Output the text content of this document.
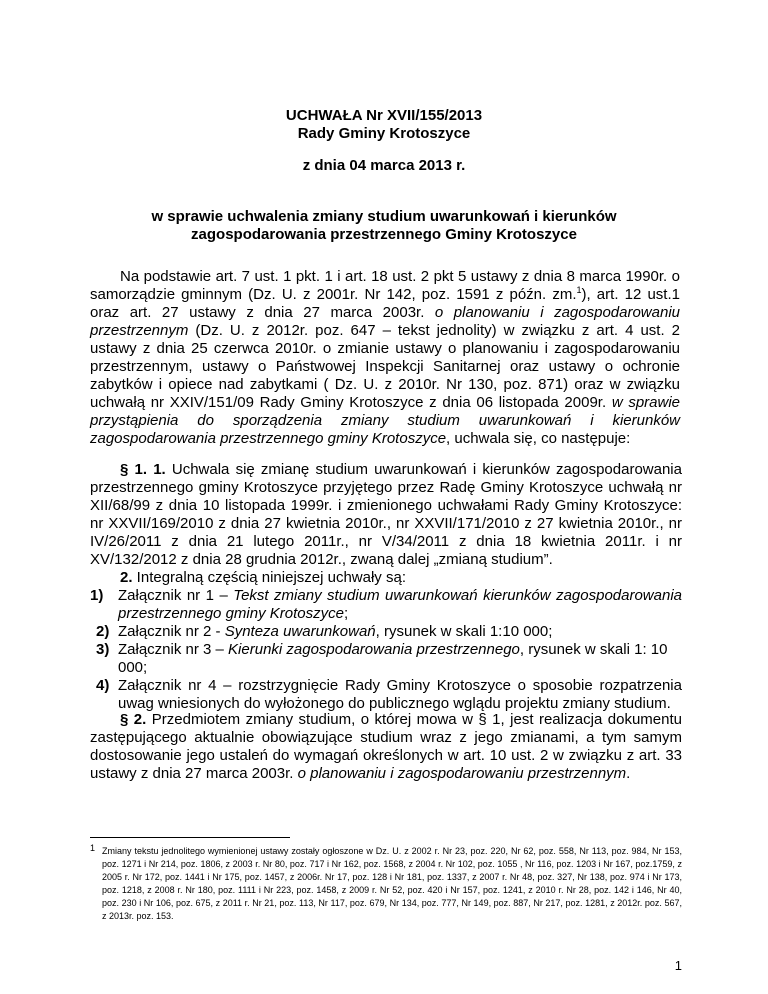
UCHWAŁA Nr XVII/155/2013
Rady Gminy Krotoszyce
z dnia 04 marca 2013 r.
w sprawie uchwalenia zmiany studium uwarunkowań i kierunków
zagospodarowania przestrzennego Gminy Krotoszyce
Na podstawie art. 7 ust. 1 pkt. 1 i art. 18 ust. 2 pkt 5 ustawy z dnia 8 marca 1990r. o samorządzie gminnym (Dz. U. z 2001r. Nr 142, poz. 1591 z późn. zm.$^1$), art. 12 ust.1 oraz art. 27 ustawy z dnia 27 marca 2003r. o planowaniu i zagospodarowaniu przestrzennym (Dz. U. z 2012r. poz. 647 – tekst jednolity) w związku z art. 4 ust. 2 ustawy z dnia 25 czerwca 2010r. o zmianie ustawy o planowaniu i zagospodarowaniu przestrzennym, ustawy o Państwowej Inspekcji Sanitarnej oraz ustawy o ochronie zabytków i opiece nad zabytkami ( Dz. U. z 2010r. Nr 130, poz. 871) oraz w związku uchwałą nr XXIV/151/09 Rady Gminy Krotoszyce z dnia 06 listopada 2009r. w sprawie przystąpienia do sporządzenia zmiany studium uwarunkowań i kierunków zagospodarowania przestrzennego gminy Krotoszyce, uchwala się, co następuje:
§ 1. 1. Uchwala się zmianę studium uwarunkowań i kierunków zagospodarowania przestrzennego gminy Krotoszyce przyjętego przez Radę Gminy Krotoszyce uchwałą nr XII/68/99 z dnia 10 listopada 1999r. i zmienionego uchwałami Rady Gminy Krotoszyce: nr XXVII/169/2010 z dnia 27 kwietnia 2010r., nr XXVII/171/2010 z 27 kwietnia 2010r., nr IV/26/2011 z dnia 21 lutego 2011r., nr V/34/2011 z dnia 18 kwietnia 2011r. i nr XV/132/2012 z dnia 28 grudnia 2012r., zwaną dalej „zmianą studium”.
2. Integralną częścią niniejszej uchwały są:
1) Załącznik nr 1 – Tekst zmiany studium uwarunkowań kierunków zagospodarowania przestrzennego gminy Krotoszyce;
2) Załącznik nr 2 - Synteza uwarunkowań, rysunek w skali 1:10 000;
3) Załącznik nr 3 – Kierunki zagospodarowania przestrzennego, rysunek w skali 1: 10 000;
4) Załącznik nr 4 – rozstrzygnięcie Rady Gminy Krotoszyce o sposobie rozpatrzenia uwag wniesionych do wyłożonego do publicznego wglądu projektu zmiany studium.
§ 2. Przedmiotem zmiany studium, o której mowa w § 1, jest realizacja dokumentu zastępującego aktualnie obowiązujące studium wraz z jego zmianami, a tym samym dostosowanie jego ustaleń do wymagań określonych w art. 10 ust. 2 w związku z art. 33 ustawy z dnia 27 marca 2003r. o planowaniu i zagospodarowaniu przestrzennym.
1 Zmiany tekstu jednolitego wymienionej ustawy zostały ogłoszone w Dz. U. z 2002 r. Nr 23, poz. 220, Nr 62, poz. 558, Nr 113, poz. 984, Nr 153, poz. 1271 i Nr 214, poz. 1806, z 2003 r. Nr 80, poz. 717 i Nr 162, poz. 1568, z 2004 r. Nr 102, poz. 1055 , Nr 116, poz. 1203 i Nr 167, poz.1759, z 2005 r. Nr 172, poz. 1441 i Nr 175, poz. 1457, z 2006r. Nr 17, poz. 128 i Nr 181, poz. 1337, z 2007 r. Nr 48, poz. 327, Nr 138, poz. 974 i Nr 173, poz. 1218, z 2008 r. Nr 180, poz. 1111 i Nr 223, poz. 1458, z 2009 r. Nr 52, poz. 420 i Nr 157, poz. 1241, z 2010 r. Nr 28, poz. 142 i 146, Nr 40, poz. 230 i Nr 106, poz. 675, z 2011 r. Nr 21, poz. 113, Nr 117, poz. 679, Nr 134, poz. 777, Nr 149, poz. 887, Nr 217, poz. 1281, z 2012r. poz. 567, z 2013r. poz. 153.
1
